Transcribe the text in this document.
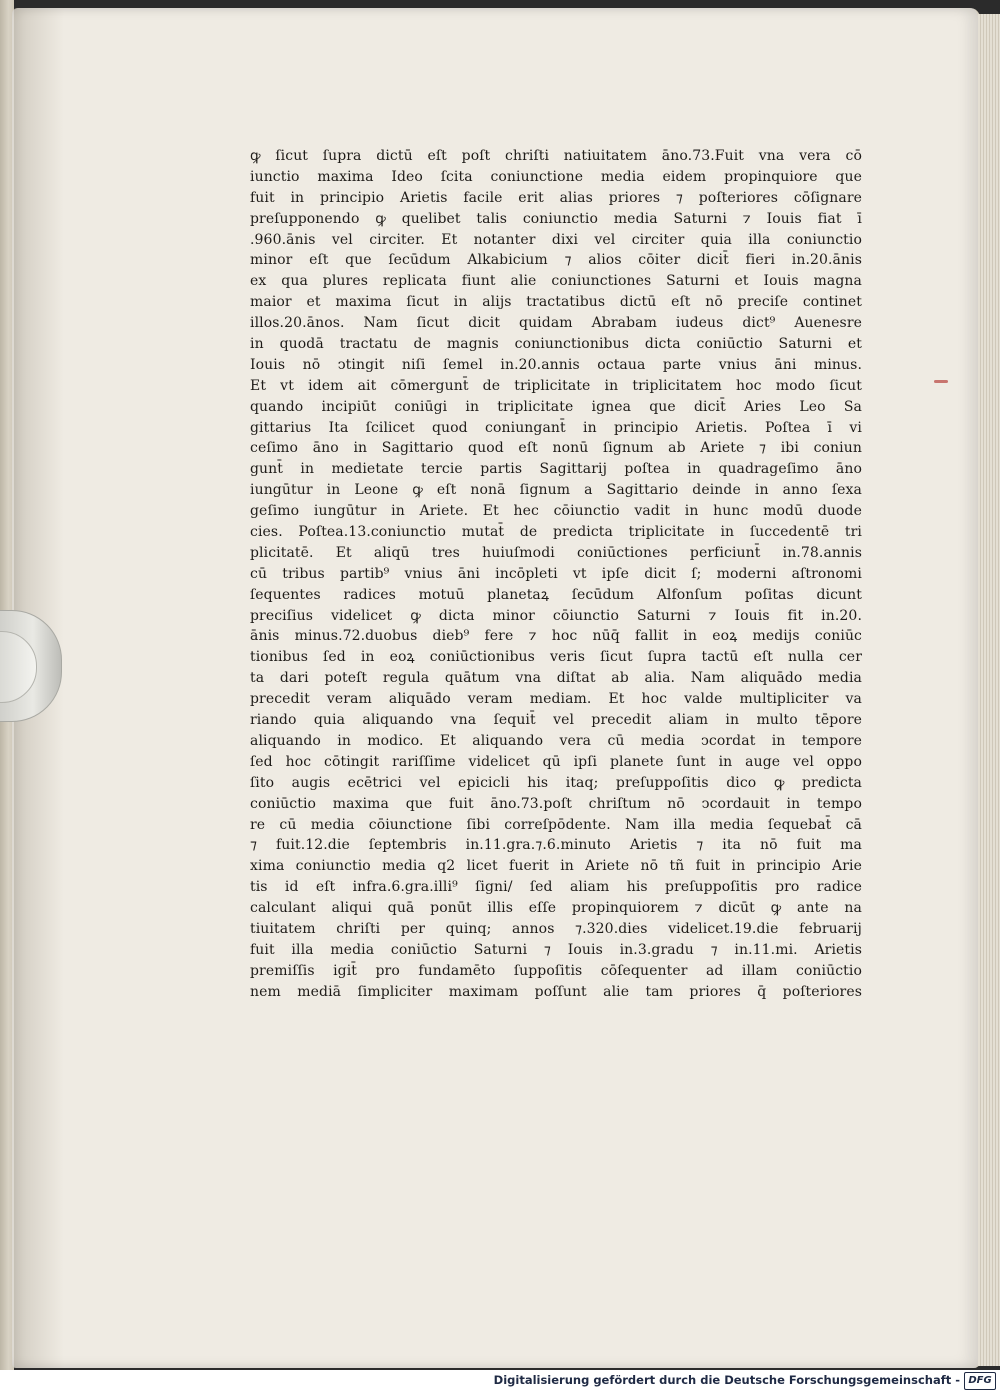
ꝙ ſicut ſupra dictū eſt poſt chriſti natiuitatem āno.73.Fuit vna vera cō
iunctio maxima Ideo ſcita coniunctione media eidem propinquiore que
fuit in principio Arietis facile erit alias priores ⁊ poſteriores cōſignare
preſupponendo ꝙ quelibet talis coniunctio media Saturni ⁊ Iouis fiat ī
.960.ānis vel circiter. Et notanter dixi vel circiter quia illa coniunctio
minor eſt que ſecūdum Alkabicium ⁊ alios cōiter dicit̄ fieri in.20.ānis
ex qua plures replicata fiunt alie coniunctiones Saturni et Iouis magna
maior et maxima ſicut in alijs tractatibus dictū eſt nō preciſe continet
illos.20.ānos. Nam ſicut dicit quidam Abrabam iudeus dict⁹ Auenesre
in quodā tractatu de magnis coniunctionibus dicta coniūctio Saturni et
Iouis nō ↄtingit niſi ſemel in.20.annis octaua parte vnius āni minus.
Et vt idem ait cōmergunt̄ de triplicitate in triplicitatem hoc modo ſicut
quando incipiūt coniūgi in triplicitate ignea que dicit̄ Aries Leo Sa
gittarius Ita ſcilicet quod coniungant̄ in principio Arietis. Poſtea ī vi
ceſimo āno in Sagittario quod eſt nonū ſignum ab Ariete ⁊ ibi coniun
gunt̄ in medietate tercie partis Sagittarij poſtea in quadrageſimo āno
iungūtur in Leone ꝙ eſt nonā ſignum a Sagittario deinde in anno ſexa
geſimo iungūtur in Ariete. Et hec cōiunctio vadit in hunc modū duode
cies. Poſtea.13.coniunctio mutat̄ de predicta triplicitate in ſuccedentē tri
plicitatē. Et aliqū tres huiuſmodi coniūctiones perficiunt̄ in.78.annis
cū tribus partib⁹ vnius āni incōpleti vt ipſe dicit ſ; moderni aſtronomi
ſequentes radices motuū planetaꝝ ſecūdum Alfonſum poſitas dicunt
preciſius videlicet ꝙ dicta minor cōiunctio Saturni ⁊ Iouis fit in.20.
ānis minus.72.duobus dieb⁹ fere ⁊ hoc nūq̄ fallit in eoꝝ medijs coniūc
tionibus ſed in eoꝝ coniūctionibus veris ſicut ſupra tactū eſt nulla cer
ta dari poteſt regula quātum vna diſtat ab alia. Nam aliquādo media
precedit veram aliquādo veram mediam. Et hoc valde multipliciter va
riando quia aliquando vna ſequit̄ vel precedit aliam in multo tēpore
aliquando in modico. Et aliquando vera cū media ↄcordat in tempore
ſed hoc cōtingit rariſſime videlicet qū ipſi planete ſunt in auge vel oppo
ſito augis ecētrici vel epicicli his itaq; preſuppoſitis dico ꝙ predicta
coniūctio maxima que fuit āno.73.poſt chriſtum nō ↄcordauit in tempo
re cū media cōiunctione ſibi correſpōdente. Nam illa media ſequebat̄ cā
⁊ fuit.12.die ſeptembris in.11.gra.⁊.6.minuto Arietis ⁊ ita nō fuit ma
xima coniunctio media q2 licet fuerit in Ariete nō tñ fuit in principio Arie
tis id eſt infra.6.gra.illi⁹ ſigni/ ſed aliam his preſuppoſitis pro radice
calculant aliqui quā ponūt illis eſſe propinquiorem ⁊ dicūt ꝙ ante na
tiuitatem chriſti per quinq; annos ⁊.320.dies videlicet.19.die februarij
fuit illa media coniūctio Saturni ⁊ Iouis in.3.gradu ⁊ in.11.mi. Arietis
premiſſis igit̄ pro fundamēto ſuppoſitis cōſequenter ad illam coniūctio
nem mediā ſimpliciter maximam poſſunt alie tam priores q̄ poſteriores
Digitalisierung gefördert durch die Deutsche Forschungsgemeinschaft - DFG
